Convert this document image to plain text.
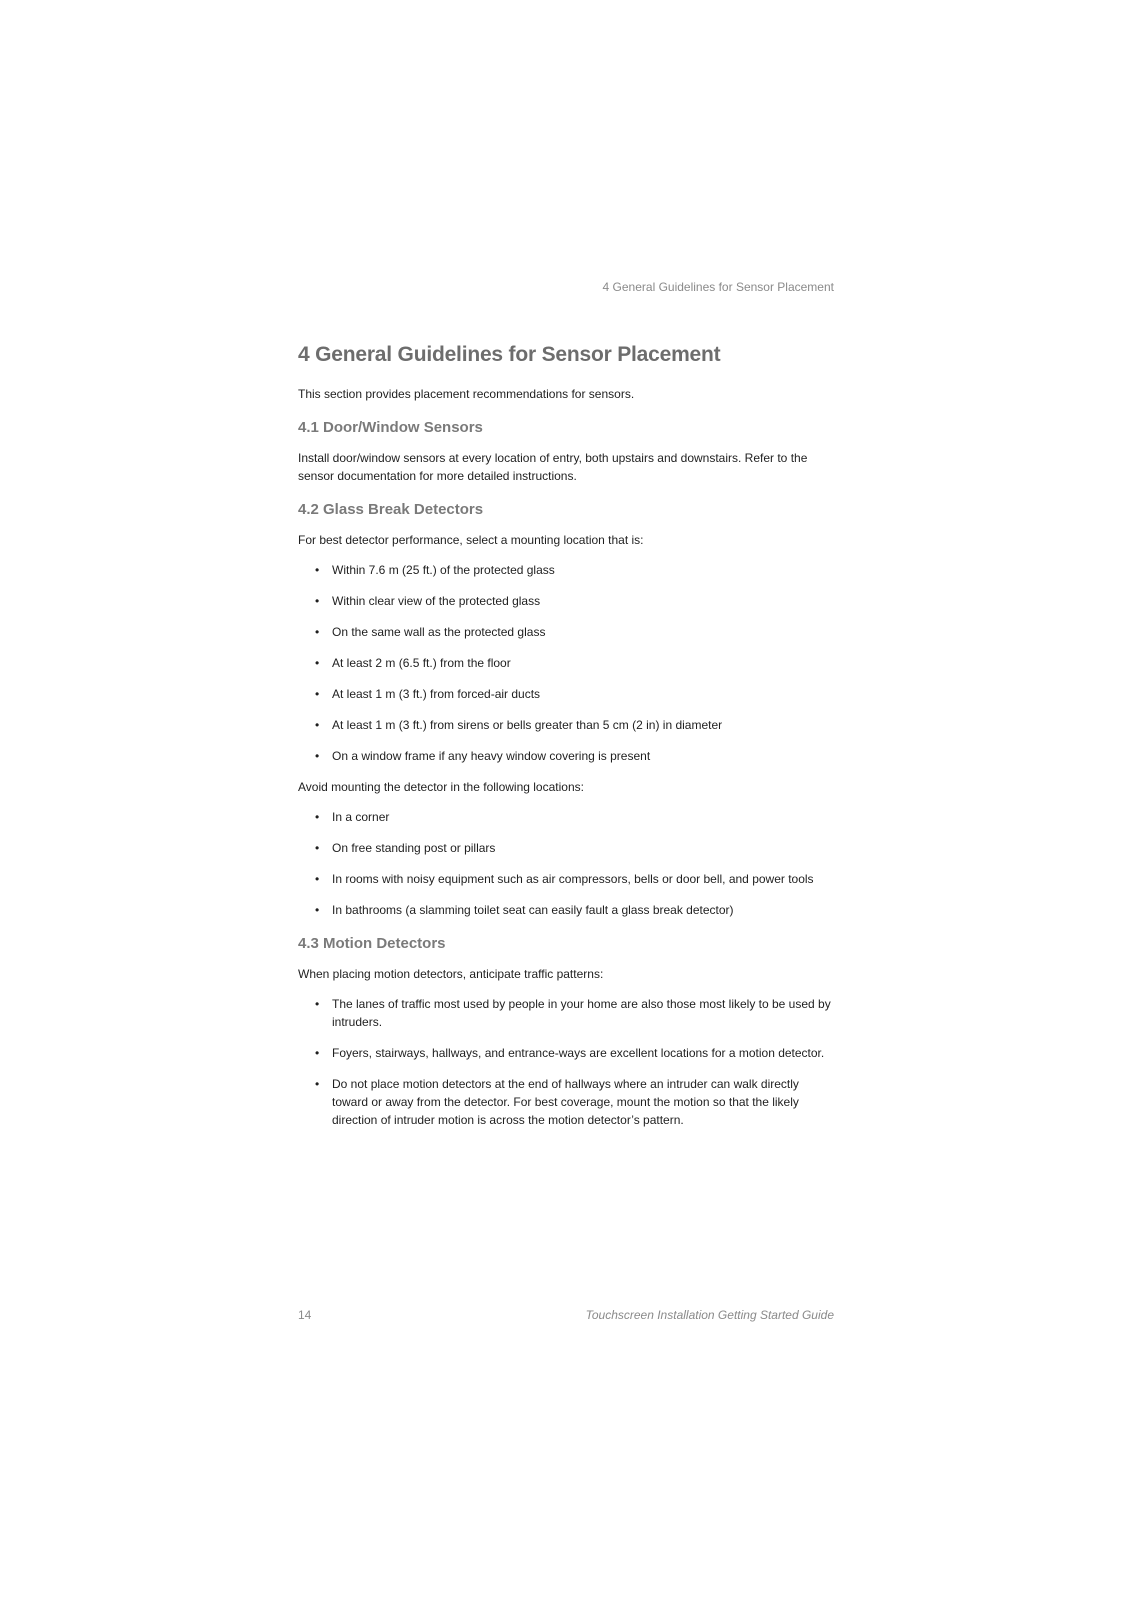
4 General Guidelines for Sensor Placement
4 General Guidelines for Sensor Placement

This section provides placement recommendations for sensors.

4.1 Door/Window Sensors

Install door/window sensors at every location of entry, both upstairs and downstairs. Refer to the sensor documentation for more detailed instructions.

4.2 Glass Break Detectors

For best detector performance, select a mounting location that is:

• Within 7.6 m (25 ft.) of the protected glass
• Within clear view of the protected glass
• On the same wall as the protected glass
• At least 2 m (6.5 ft.) from the floor
• At least 1 m (3 ft.) from forced-air ducts
• At least 1 m (3 ft.) from sirens or bells greater than 5 cm (2 in) in diameter
• On a window frame if any heavy window covering is present

Avoid mounting the detector in the following locations:

• In a corner
• On free standing post or pillars
• In rooms with noisy equipment such as air compressors, bells or door bell, and power tools
• In bathrooms (a slamming toilet seat can easily fault a glass break detector)
4.3 Motion Detectors

When placing motion detectors, anticipate traffic patterns:

• The lanes of traffic most used by people in your home are also those most likely to be used by intruders.
• Foyers, stairways, hallways, and entrance-ways are excellent locations for a motion detector.
• Do not place motion detectors at the end of hallways where an intruder can walk directly toward or away from the detector. For best coverage, mount the motion so that the likely direction of intruder motion is across the motion detector’s pattern.
14	Touchscreen Installation Getting Started Guide
